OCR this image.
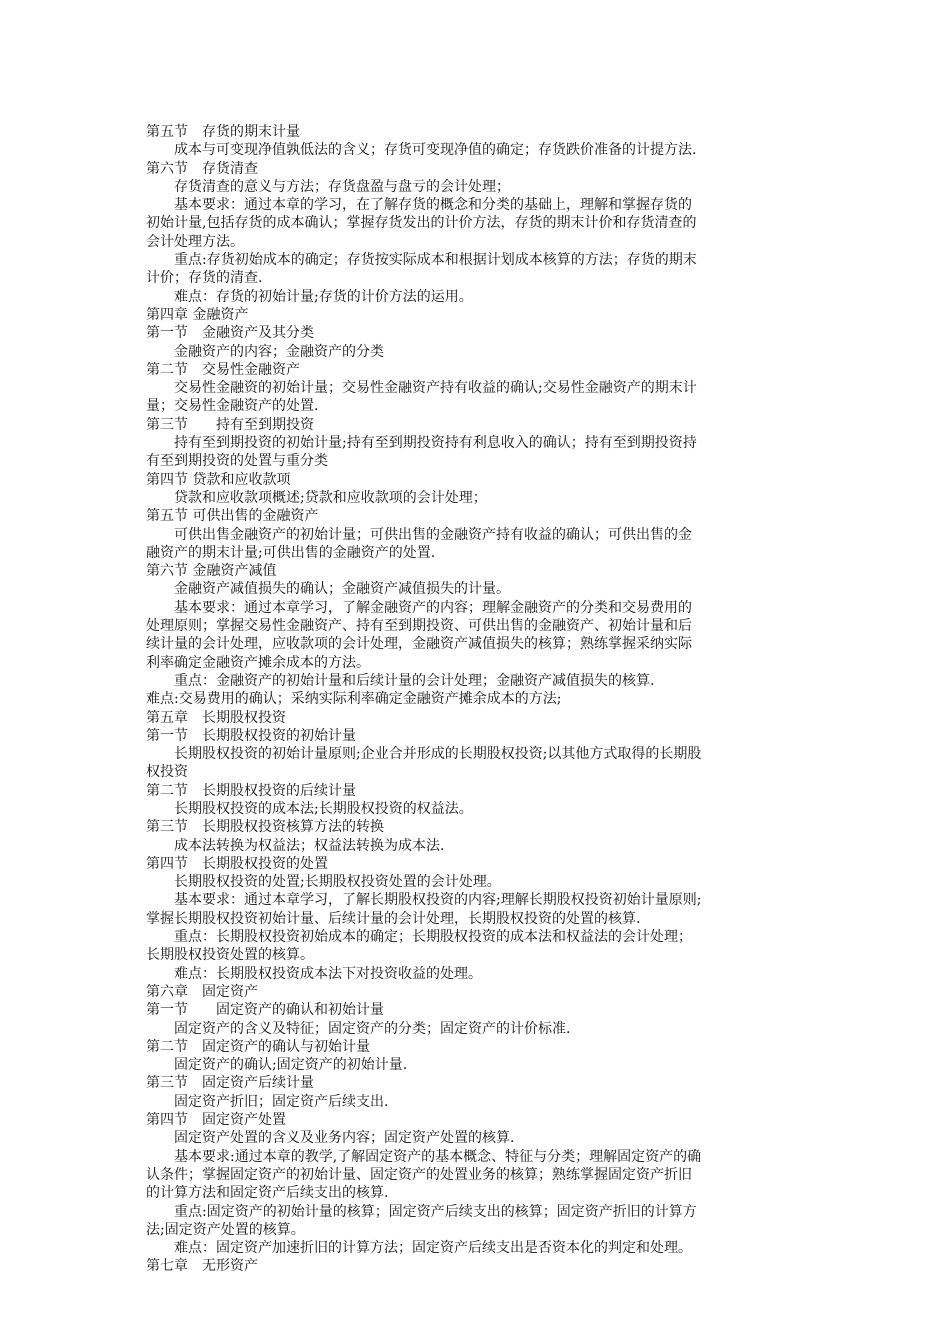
第五节　存货的期末计量
　　成本与可变现净值孰低法的含义；存货可变现净值的确定；存货跌价准备的计提方法.
第六节　存货清查
　　存货清查的意义与方法；存货盘盈与盘亏的会计处理；
　　基本要求：通过本章的学习，在了解存货的概念和分类的基础上，理解和掌握存货的
初始计量,包括存货的成本确认；掌握存货发出的计价方法，存货的期末计价和存货清查的
会计处理方法。
　　重点:存货初始成本的确定；存货按实际成本和根据计划成本核算的方法；存货的期末
计价；存货的清查.
　　难点：存货的初始计量;存货的计价方法的运用。
第四章 金融资产
第一节　金融资产及其分类
　　金融资产的内容；金融资产的分类
第二节　交易性金融资产
　　交易性金融资的初始计量；交易性金融资产持有收益的确认;交易性金融资产的期末计
量；交易性金融资产的处置.
第三节　　持有至到期投资
　　持有至到期投资的初始计量;持有至到期投资持有利息收入的确认；持有至到期投资持
有至到期投资的处置与重分类
第四节 贷款和应收款项
　　贷款和应收款项概述;贷款和应收款项的会计处理；
第五节 可供出售的金融资产
　　可供出售金融资产的初始计量；可供出售的金融资产持有收益的确认；可供出售的金
融资产的期末计量;可供出售的金融资产的处置.
第六节 金融资产减值
　　金融资产减值损失的确认；金融资产减值损失的计量。
　　基本要求：通过本章学习，了解金融资产的内容；理解金融资产的分类和交易费用的
处理原则；掌握交易性金融资产、持有至到期投资、可供出售的金融资产、初始计量和后
续计量的会计处理，应收款项的会计处理，金融资产减值损失的核算；熟练掌握采纳实际
利率确定金融资产摊余成本的方法。
　　重点：金融资产的初始计量和后续计量的会计处理；金融资产减值损失的核算.
难点:交易费用的确认；采纳实际利率确定金融资产摊余成本的方法;
第五章　长期股权投资
第一节　长期股权投资的初始计量
　　长期股权投资的初始计量原则;企业合并形成的长期股权投资;以其他方式取得的长期股
权投资
第二节　长期股权投资的后续计量
　　长期股权投资的成本法;长期股权投资的权益法。
第三节　长期股权投资核算方法的转换
　　成本法转换为权益法；权益法转换为成本法.
第四节　长期股权投资的处置
　　长期股权投资的处置;长期股权投资处置的会计处理。
　　基本要求：通过本章学习，了解长期股权投资的内容;理解长期股权投资初始计量原则;
掌握长期股权投资初始计量、后续计量的会计处理，长期股权投资的处置的核算.
　　重点：长期股权投资初始成本的确定；长期股权投资的成本法和权益法的会计处理；
长期股权投资处置的核算。
　　难点：长期股权投资成本法下对投资收益的处理。
第六章　固定资产
第一节　　固定资产的确认和初始计量
　　固定资产的含义及特征；固定资产的分类；固定资产的计价标准.
第二节　固定资产的确认与初始计量
　　固定资产的确认;固定资产的初始计量.
第三节　固定资产后续计量
　　固定资产折旧；固定资产后续支出.
第四节　固定资产处置
　　固定资产处置的含义及业务内容；固定资产处置的核算.
　　基本要求:通过本章的教学,了解固定资产的基本概念、特征与分类；理解固定资产的确
认条件；掌握固定资产的初始计量、固定资产的处置业务的核算；熟练掌握固定资产折旧
的计算方法和固定资产后续支出的核算.
　　重点:固定资产的初始计量的核算；固定资产后续支出的核算；固定资产折旧的计算方
法;固定资产处置的核算。
　　难点：固定资产加速折旧的计算方法；固定资产后续支出是否资本化的判定和处理。
第七章　无形资产
